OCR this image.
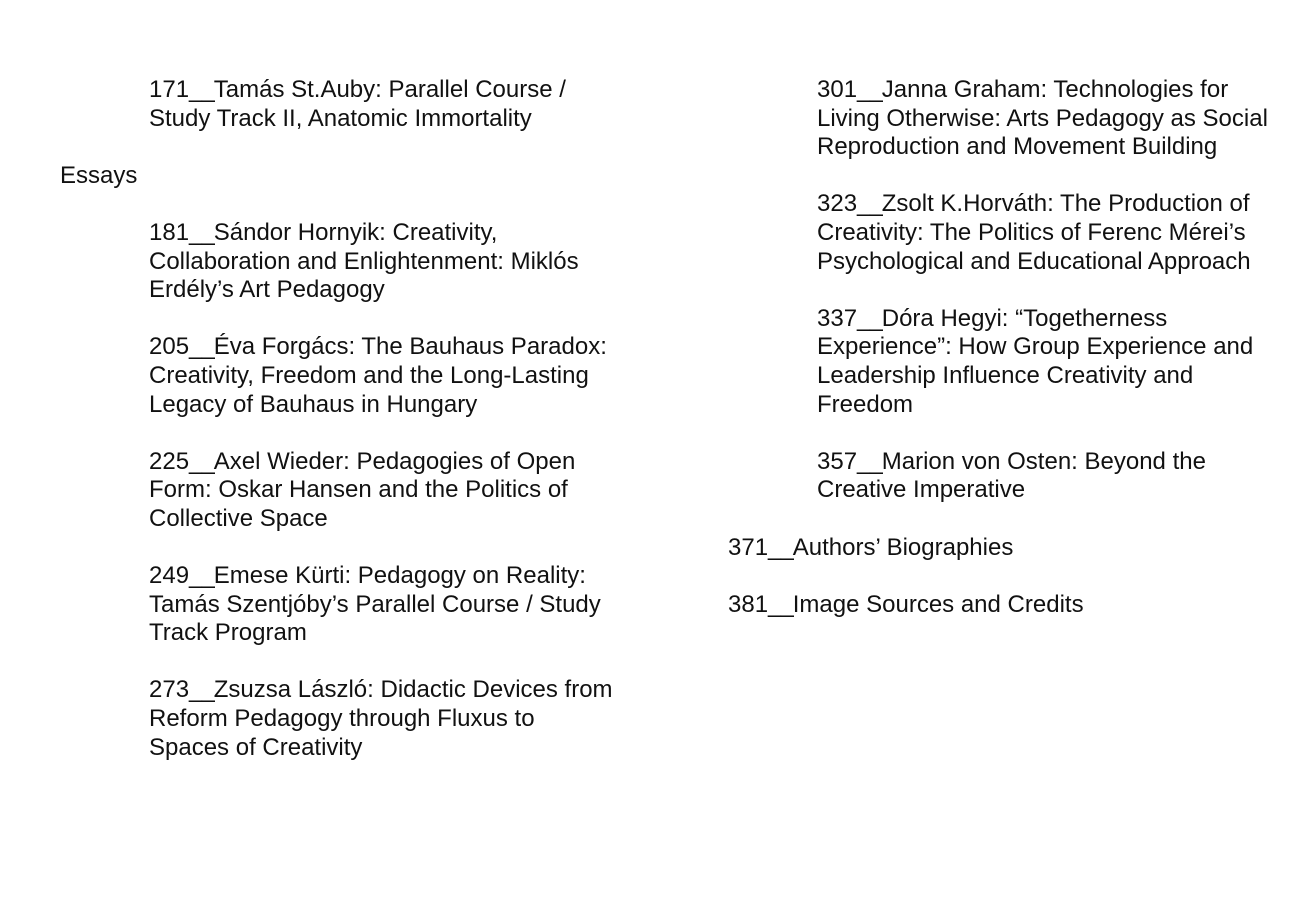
171__Tamás St.Auby: Parallel Course / Study Track II, Anatomic Immortality
Essays
181__Sándor Hornyik: Creativity, Collaboration and Enlightenment: Miklós Erdély’s Art Pedagogy
205__Éva Forgács: The Bauhaus Paradox: Creativity, Freedom and the Long-Lasting Legacy of Bauhaus in Hungary
225__Axel Wieder: Pedagogies of Open Form: Oskar Hansen and the Politics of Collective Space
249__Emese Kürti: Pedagogy on Reality: Tamás Szentjóby’s Parallel Course / Study Track Program
273__Zsuzsa László: Didactic Devices from Reform Pedagogy through Fluxus to Spaces of Creativity
301__Janna Graham: Technologies for Living Otherwise: Arts Pedagogy as Social Reproduction and Movement Building
323__Zsolt K.Horváth: The Production of Creativity: The Politics of Ferenc Mérei’s Psychological and Educational Approach
337__Dóra Hegyi: “Togetherness Experience”: How Group Experience and Leadership Influence Creativity and Freedom
357__Marion von Osten: Beyond the Creative Imperative
371__Authors’ Biographies
381__Image Sources and Credits
